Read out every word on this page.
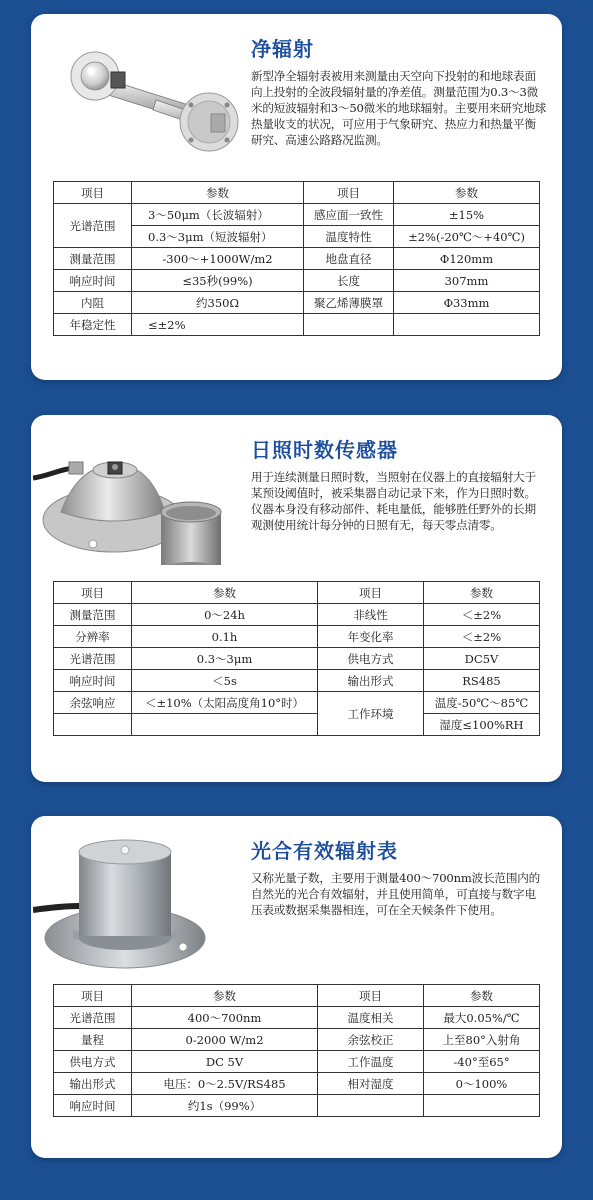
净辐射
新型净全辐射表被用来测量由天空向下投射的和地球表面向上投射的全波段辐射量的净差值。测量范围为0.3～3微米的短波辐射和3～50微米的地球辐射。主要用来研究地球热量收支的状况，可应用于气象研究、热应力和热量平衡研究、高速公路路况监测。
项目	参数	项目	参数
光谱范围	3～50μm（长波辐射）	感应面一致性	±15%
	0.3～3μm（短波辐射）	温度特性	±2%(-20℃～+40℃)
测量范围	-300～+1000W/m2	地盘直径	Φ120mm
响应时间	≤35秒(99%)	长度	307mm
内阻	约350Ω	聚乙烯薄膜罩	Φ33mm
年稳定性	≤±2%		
日照时数传感器
用于连续测量日照时数，当照射在仪器上的直接辐射大于某预设阈值时，被采集器自动记录下来，作为日照时数。仪器本身没有移动部件、耗电量低，能够胜任野外的长期观测使用统计每分钟的日照有无，每天零点清零。
项目	参数	项目	参数
测量范围	0～24h	非线性	＜±2%
分辨率	0.1h	年变化率	＜±2%
光谱范围	0.3～3μm	供电方式	DC5V
响应时间	＜5s	输出形式	RS485
余弦响应	＜±10%（太阳高度角10°时）	工作环境	温度-50℃～85℃
			湿度≤100%RH
光合有效辐射表
又称光量子数，主要用于测量400～700nm波长范围内的自然光的光合有效辐射，并且使用简单，可直接与数字电压表或数据采集器相连，可在全天候条件下使用。
项目	参数	项目	参数
光谱范围	400～700nm	温度相关	最大0.05%/℃
量程	0-2000 W/m2	余弦校正	上至80°入射角
供电方式	DC 5V	工作温度	-40°至65°
输出形式	电压：0～2.5V/RS485	相对湿度	0～100%
响应时间	约1s（99%）		
